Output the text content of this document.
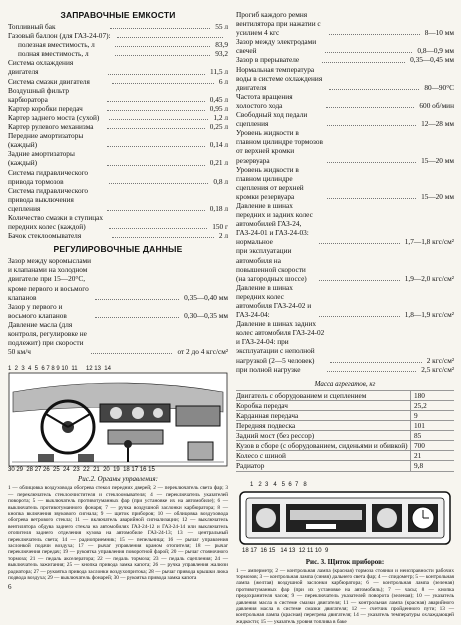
ЗАПРАВОЧНЫЕ ЕМКОСТИ

Топливный бак	55 л
Газовый баллон (для ГАЗ-24-07):
полезная вместимость, л	83,9
полная вместимость, л	93,2
Система охлаждения двигателя	11,5 л
Система смазки двигателя	6 л
Воздушный фильтр карбюратора	0,45 л
Картер коробки передач	0,95 л
Картер заднего моста (сухой)	1,2 л
Картер рулевого механизма	0,25 л
Передние амортизаторы (каждый)	0,14 л
Задние амортизаторы (каждый)	0,21 л
Система гидравлического привода тормозов	0,8 л
Система гидравлического привода выключения сцепления	0,18 л
Количество смазки в ступицах передних колес (каждой)	150 г
Бачок стеклоомывателя	2 л

РЕГУЛИРОВОЧНЫЕ ДАННЫЕ

Зазор между коромыслами и клапанами на холодном двигателе при 15—20°С, кроме первого и восьмого клапанов	0,35—0,40 мм
Зазор у первого и восьмого клапанов	0,30—0,35 мм
Давление масла (для контроля, регулировке не подлежит) при скорости 50 км/ч	от 2 до 4 кгс/см²
1  2  3  4  5  6 7 8 9 10  11     12 13  14
30 29  28 27 26  25  24  23  22  21  20  19  18 17 16 15

Рис.2. Органы управления:

1 — облицовка воздуховода обогрева стекол передних дверей; 2 — переключатель света фар; 3 — переключатель стеклоочистителя и стеклоомывателя; 4 — переключатель указателей поворота; 5 — выключатель противотуманных фар (при установке их на автомобиле); 6 — выключатель противотуманного фонаря; 7 — ручка воздушной заслонки карбюратора; 8 — кнопка включения звукового сигнала; 9 — щиток приборов; 10 — облицовка воздуховода обогрева ветрового стекла; 11 — включатель аварийной сигнализации; 12 — выключатель вентилятора обдува заднего стекла на автомобилях ГАЗ-24-12 и ГАЗ-24-14 или выключатель отопителя заднего отделения кузова на автомобиле ГАЗ-24-13; 13 — центральный переключатель света; 14 — радиоприемник; 15 — пепельница; 16 — рычаг управления заслонкой подачи воздуха; 17 — рычаг управления краном отопителя; 18 — рычаг переключения передач; 19 — рукоятка управления поворотной фарой; 20 — рычаг стояночного тормоза; 21 — педаль акселератора; 22 — педаль тормоза; 23 — педаль сцепления; 24 — выключатель зажигания; 25 — кнопка привода замка капота; 26 — ручка управления жалюзи радиатора; 27 — рукоятка привода заслонки воздухопритока; 28 — рычаг привода крышки люка подвода воздуха; 29 — выключатель фонарей; 30 — рукоятка привода замка капота

6
Прогиб каждого ремня вентилятора при нажатии с усилием 4 кгс	8—10 мм
Зазор между электродами свечей	0,8—0,9 мм
Зазор в прерывателе	0,35—0,45 мм
Нормальная температура воды в системе охлаждения двигателя	80—90°С
Частота вращения холостого хода	600 об/мин
Свободный ход педали сцепления	12—28 мм
Уровень жидкости в главном цилиндре тормозов от верхней кромки резервуара	15—20 мм
Уровень жидкости в главном цилиндре сцепления от верхней кромки резервуара	15—20 мм
Давление в шинах передних и задних колес автомобилей ГАЗ-24, ГАЗ-24-01 и ГАЗ-24-03: нормальное	1,7—1,8 кгс/см²
при эксплуатации автомобиля на повышенной скорости (на загородных шоссе)	1,9—2,0 кгс/см²
Давление в шинах передних колес автомобиля ГАЗ-24-02 и ГАЗ-24-04:	1,8—1,9 кгс/см²
Давление в шинах задних колес автомобиля ГАЗ-24-02 и ГАЗ-24-04: при эксплуатации с неполной нагрузкой (2—5 человек)	2 кгс/см²
при полной нагрузке	2,5 кгс/см²

Масса агрегатов, кг

Двигатель с оборудованием и сцеплением	180
Коробка передач	25,2
Карданная передача	9
Передняя подвеска	101
Задний мост (без рессор)	85
Кузов в сборе (с оборудованием, сиденьями и обивкой) 700
Колесо с шиной	21
Радиатор	9,8
1   2  3   4   5  6  7   8
18 17  16 15   14 13  12 11 10  9

Рис. 3. Щиток приборов:

1 — амперметр; 2 — контрольная лампа (красная) тормоза стоянки и неисправности рабочих тормозов; 3 — контрольная лампа (синяя) дальнего света фар; 4 — спидометр; 5 — контрольная лампа (желтая) воздушной заслонки карбюратора; 6 — контрольная лампа (зеленая) противотуманных фар (при их установке на автомобиль); 7 — часы; 8 — кнопка предохранителя часов; 9 — переключатель указателей поворота (зеленая); 10 — указатель давления масла в системе смазки двигателя; 11 — контрольная лампа (красная) аварийного давления масла в системе смазки двигателя; 12 — счетчик пройденного пути; 13 — контрольная лампа (красная) перегрева двигателя; 14 — указатель температуры охлаждающей жидкости; 15 — указатель уровня топлива в баке
